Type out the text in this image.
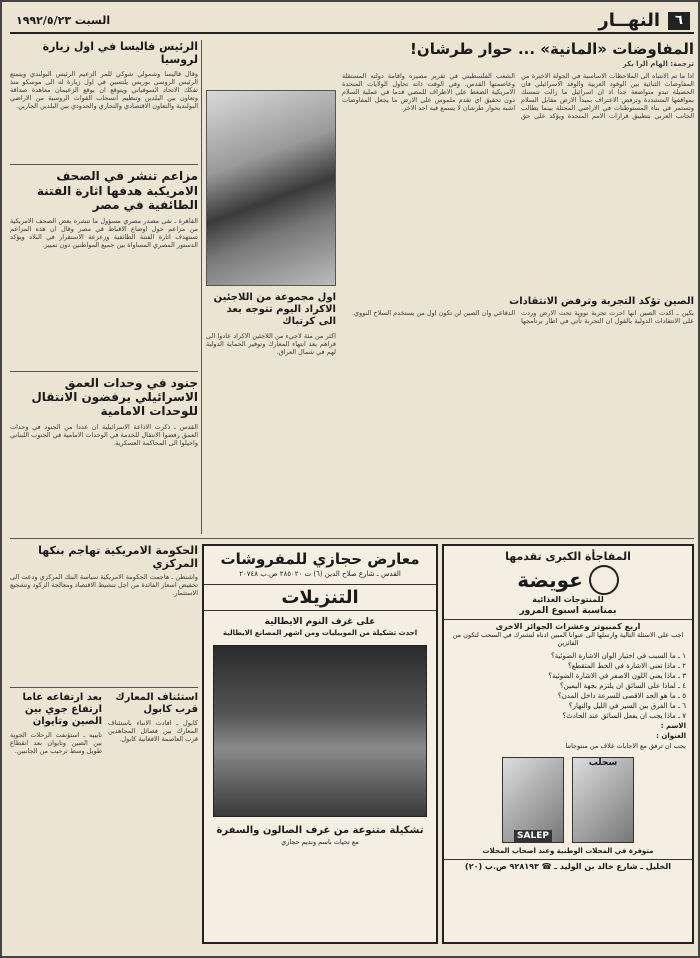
٦
النهــار
السبت ١٩٩٢/٥/٢٣
الرئيس فاليسا في اول زيارة لروسيا
وقال فاليسا وشمولي شوكي للمر الزعيم الرئيس البولندي ويتمتع الرئيس الروسي بوريس يلتسين في اول زيارة له الى موسكو منذ تفكك الاتحاد السوفياتي ويتوقع ان يوقع الزعيمان معاهدة صداقة وتعاون بين البلدين وتنظيم انسحاب القوات الروسية من الاراضي البولندية والتعاون الاقتصادي والتجاري والحدودي بين البلدين الجارين.
مزاعم تنشر في الصحف الامريكية هدفها اثارة الفتنة الطائفية في مصر
القاهرة ـ نفى مصدر مصري مسؤول ما تنشره بعض الصحف الامريكية من مزاعم حول اوضاع الاقباط في مصر وقال ان هذه المزاعم تستهدف اثارة الفتنة الطائفية وزعزعة الاستقرار في البلاد ويؤكد الدستور المصري المساواة بين جميع المواطنين دون تمييز.
جنود في وحدات العمق الاسرائيلي يرفضون الانتقال للوحدات الامامية
القدس ـ ذكرت الاذاعة الاسرائيلية ان عددا من الجنود في وحدات العمق رفضوا الانتقال للخدمة في الوحدات الامامية في الجنوب اللبناني واحيلوا الى المحاكمة العسكرية.
اول مجموعة من اللاجئين الاكراد اليوم تتوجه بعد الى كرتباك
اكثر من مئة لاجيء من اللاجئين الاكراد عادوا الى قراهم بعد انتهاء المعارك وتوفير الحماية الدولية لهم في شمال العراق.
المفاوضات «المانية» ... حوار طرشان!
ترجمة: الهام الرا بكر
اذا ما تم الانتباه الى الملاحظات الاساسية في الجولة الاخيرة من المفاوضات الثنائية بين الوفود العربية والوفد الاسرائيلي فان الحصيلة تبدو متواضعة جدا اذ ان اسرائيل ما زالت تتمسك بمواقفها المتشددة وترفض الاعتراف بمبدأ الارض مقابل السلام وتستمر في بناء المستوطنات في الاراضي المحتلة بينما يطالب الجانب العربي بتطبيق قرارات الامم المتحدة ويؤكد على حق الشعب الفلسطيني في تقرير مصيره واقامة دولته المستقلة وعاصمتها القدس. وفي الوقت ذاته تحاول الولايات المتحدة الامريكية الضغط على الاطراف للمضي قدما في عملية السلام دون تحقيق اي تقدم ملموس على الارض ما يجعل المفاوضات اشبه بحوار طرشان لا يسمع فيه احد الاخر.
الصين تؤكد التجربة وترفض الانتقادات
بكين ـ اكدت الصين انها اجرت تجربة نووية تحت الارض وردت على الانتقادات الدولية بالقول ان التجربة تأتي في اطار برنامجها الدفاعي وان الصين لن تكون اول من يستخدم السلاح النووي.
الحكومة الامريكية تهاجم بنكها المركزي
واشنطن ـ هاجمت الحكومة الامريكية سياسة البنك المركزي ودعت الى تخفيض اسعار الفائدة من اجل تنشيط الاقتصاد ومعالجة الركود وتشجيع الاستثمار.
بعد ارتفاعه عاما ارتفاع جوي بين الصين وتايوان
تايبيه ـ استؤنفت الرحلات الجوية بين الصين وتايوان بعد انقطاع طويل وسط ترحيب من الجانبين.
استئناف المعارك قرب كابول
كابول ـ افادت الانباء باستئناف المعارك بين فصائل المجاهدين قرب العاصمة الافغانية كابول.
معارض حجازي للمفروشات
القدس ـ شارع صلاح الدين (٦) ت ٢٨٥٠٢٠ ص.ب ٢٠٧٤٨
التنزيلات
على غرف النوم الايطالية
احدث تشكيلة من الموبيليات ومن اشهر المصانع الايطالية
تشكيلة متنوعة من غرف الصالون والسفرة
مع تحيات باسم ونديم حجازي
المفاجأة الكبرى تقدمها
عويضة
للمنتوجات الغذائية
بمناسبة اسبوع المرور
اربع كمبيوتر وعشرات الجوائز الاخرى
اجب على الاسئلة التالية وارسلها الى عنوانا المبين ادناه لتشترك في السحب لتكون من الفائزين
١ ـ ما السبب في اختيار الوان الاشارة الضوئية؟
٢ ـ ماذا تعني الاشارة في الخط المتقطع؟
٣ ـ ماذا يعني اللون الاصفر في الاشارة الضوئية؟
٤ ـ لماذا على السائق ان يلتزم بجهة اليمين؟
٥ ـ ما هو الحد الاقصى للسرعة داخل المدن؟
٦ ـ ما الفرق بين السير في الليل والنهار؟
٧ ـ ماذا يجب ان يفعل السائق عند الحادث؟
الاسم :
العنوان :
يجب ان ترفق مع الاجابات غلاف من منتوجاتنا
SALEP
سحلب
متوفرة في المحلات الوطنية وعند اصحاب المحلات
الخليل ـ شارع خالد بن الوليد ـ ☎ ٩٢٨١٩٣ ص.ب (٢٠)
